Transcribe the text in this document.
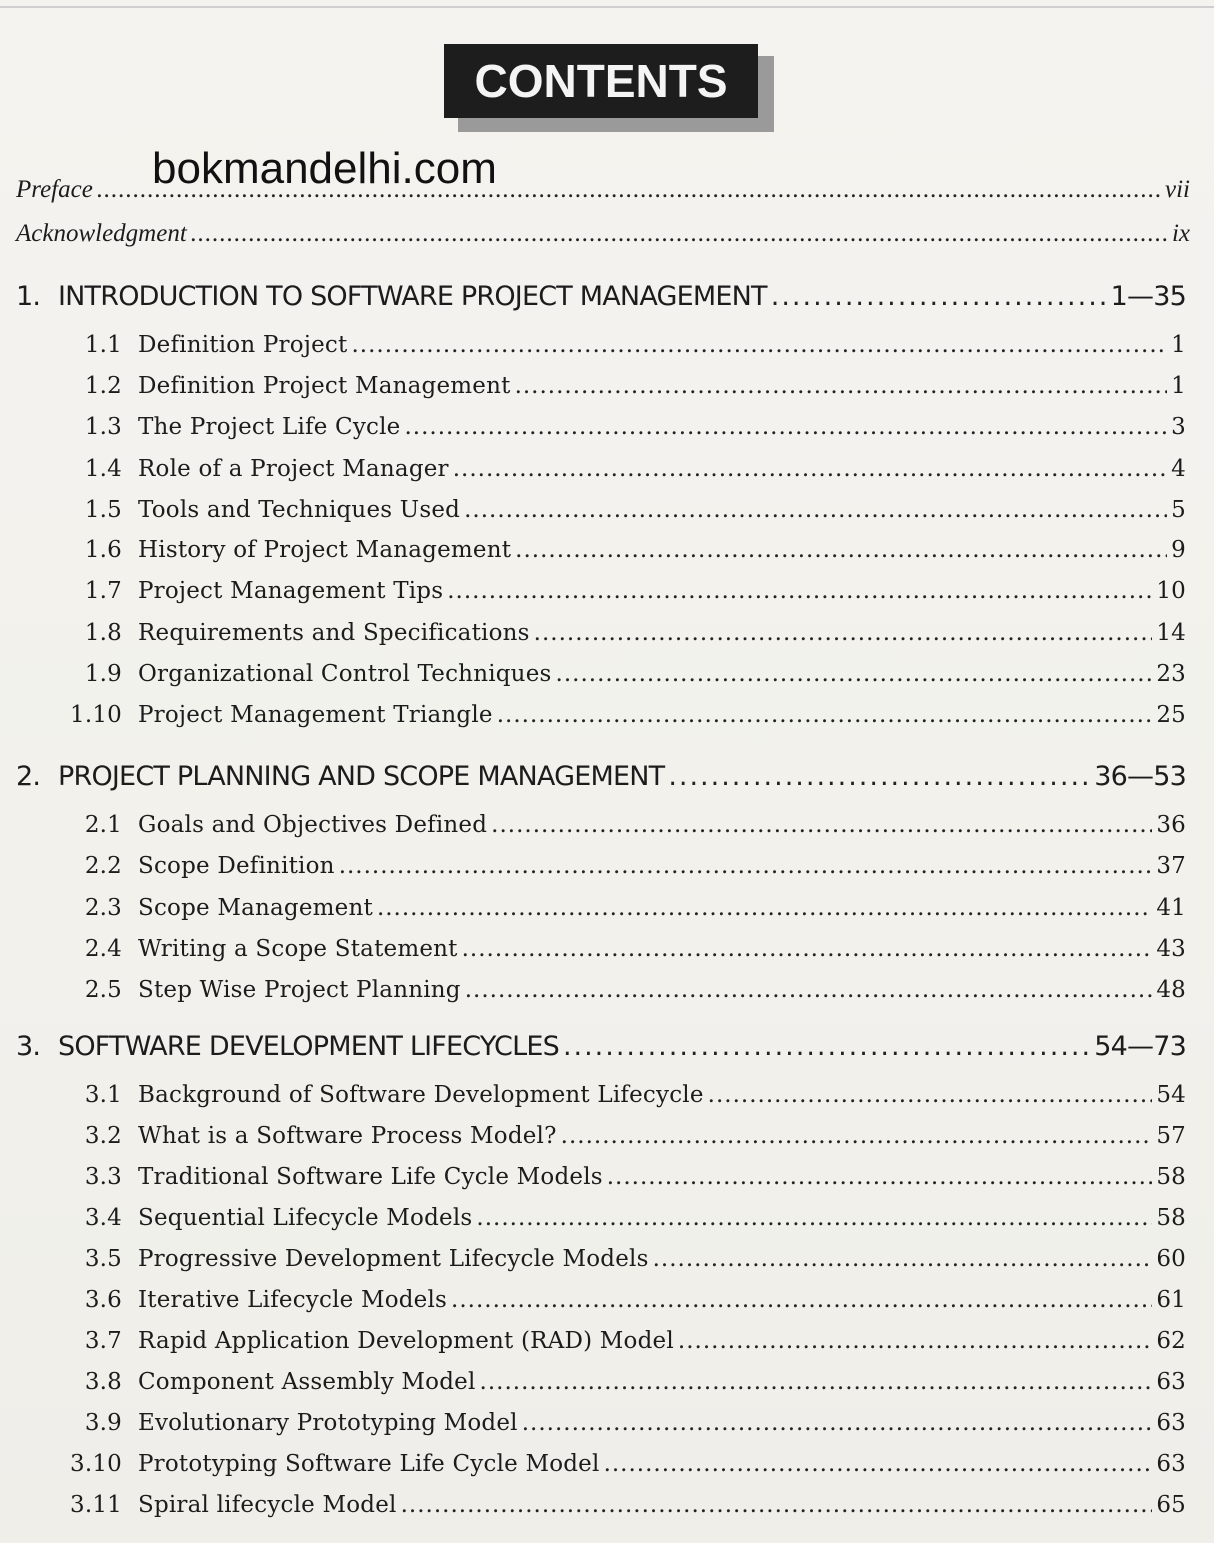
CONTENTS
bokmandelhi.com
Preface .....	vii
Acknowledgment .....	ix
1. INTRODUCTION TO SOFTWARE PROJECT MANAGEMENT .....	1—35
1.1 Definition Project .....	1
1.2 Definition Project Management .....	1
1.3 The Project Life Cycle .....	3
1.4 Role of a Project Manager .....	4
1.5 Tools and Techniques Used .....	5
1.6 History of Project Management .....	9
1.7 Project Management Tips .....	10
1.8 Requirements and Specifications .....	14
1.9 Organizational Control Techniques .....	23
1.10 Project Management Triangle .....	25
2. PROJECT PLANNING AND SCOPE MANAGEMENT .....	36—53
2.1 Goals and Objectives Defined .....	36
2.2 Scope Definition .....	37
2.3 Scope Management .....	41
2.4 Writing a Scope Statement .....	43
2.5 Step Wise Project Planning .....	48
3. SOFTWARE DEVELOPMENT LIFECYCLES .....	54—73
3.1 Background of Software Development Lifecycle .....	54
3.2 What is a Software Process Model? .....	57
3.3 Traditional Software Life Cycle Models .....	58
3.4 Sequential Lifecycle Models .....	58
3.5 Progressive Development Lifecycle Models .....	60
3.6 Iterative Lifecycle Models .....	61
3.7 Rapid Application Development (RAD) Model .....	62
3.8 Component Assembly Model .....	63
3.9 Evolutionary Prototyping Model .....	63
3.10 Prototyping Software Life Cycle Model .....	63
3.11 Spiral lifecycle Model .....	65
